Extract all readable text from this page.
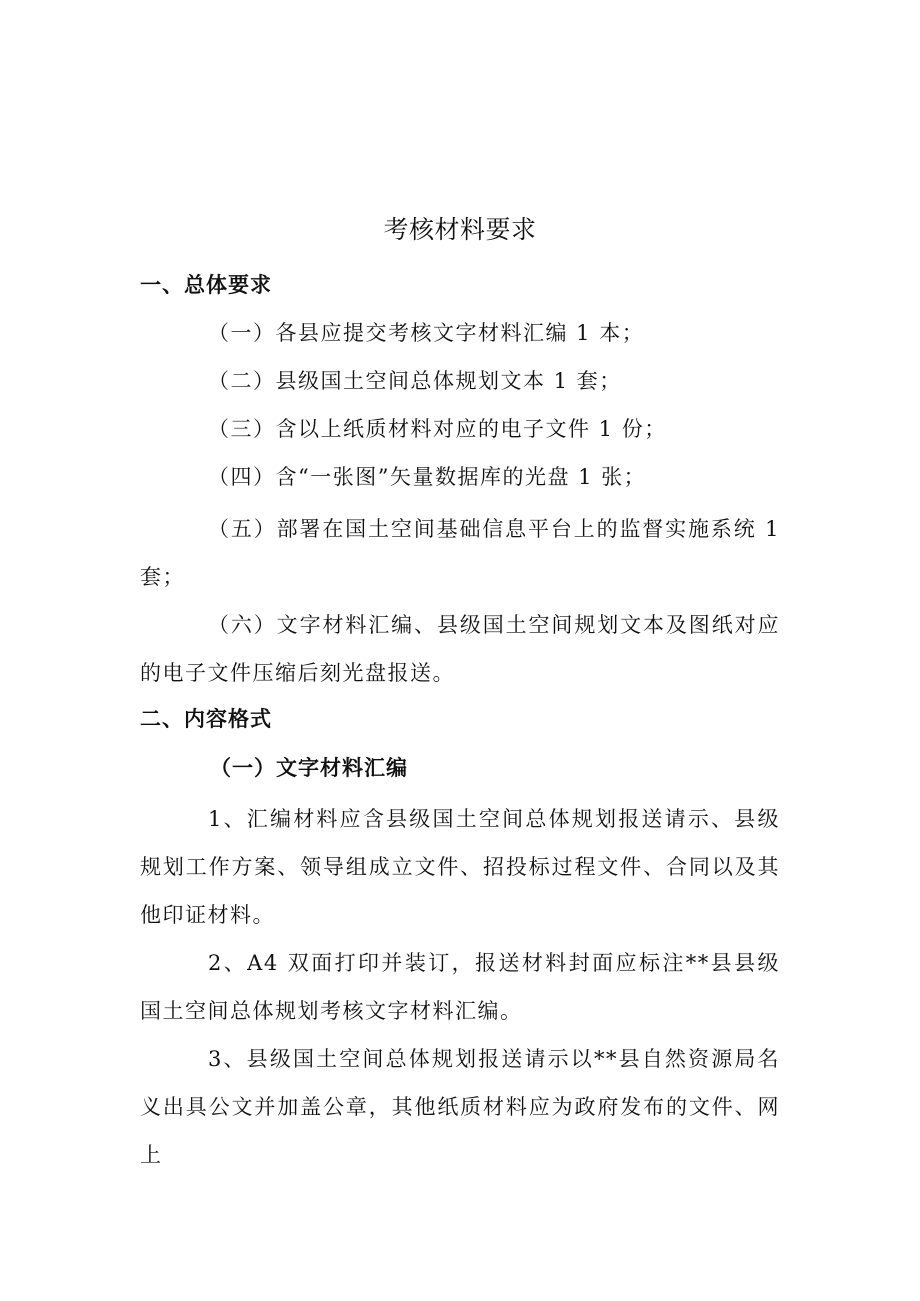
考核材料要求
一、总体要求
（一）各县应提交考核文字材料汇编 1 本；
（二）县级国土空间总体规划文本 1 套；
（三）含以上纸质材料对应的电子文件 1 份；
（四）含“一张图”矢量数据库的光盘 1 张；

（五）部署在国土空间基础信息平台上的监督实施系统 1 套；

（六）文字材料汇编、县级国土空间规划文本及图纸对应的电子文件压缩后刻光盘报送。

二、内容格式
（一）文字材料汇编

1、汇编材料应含县级国土空间总体规划报送请示、县级规划工作方案、领导组成立文件、招投标过程文件、合同以及其他印证材料。

2、A4 双面打印并装订，报送材料封面应标注**县县级国土空间总体规划考核文字材料汇编。

3、县级国土空间总体规划报送请示以**县自然资源局名义出具公文并加盖公章，其他纸质材料应为政府发布的文件、网上
